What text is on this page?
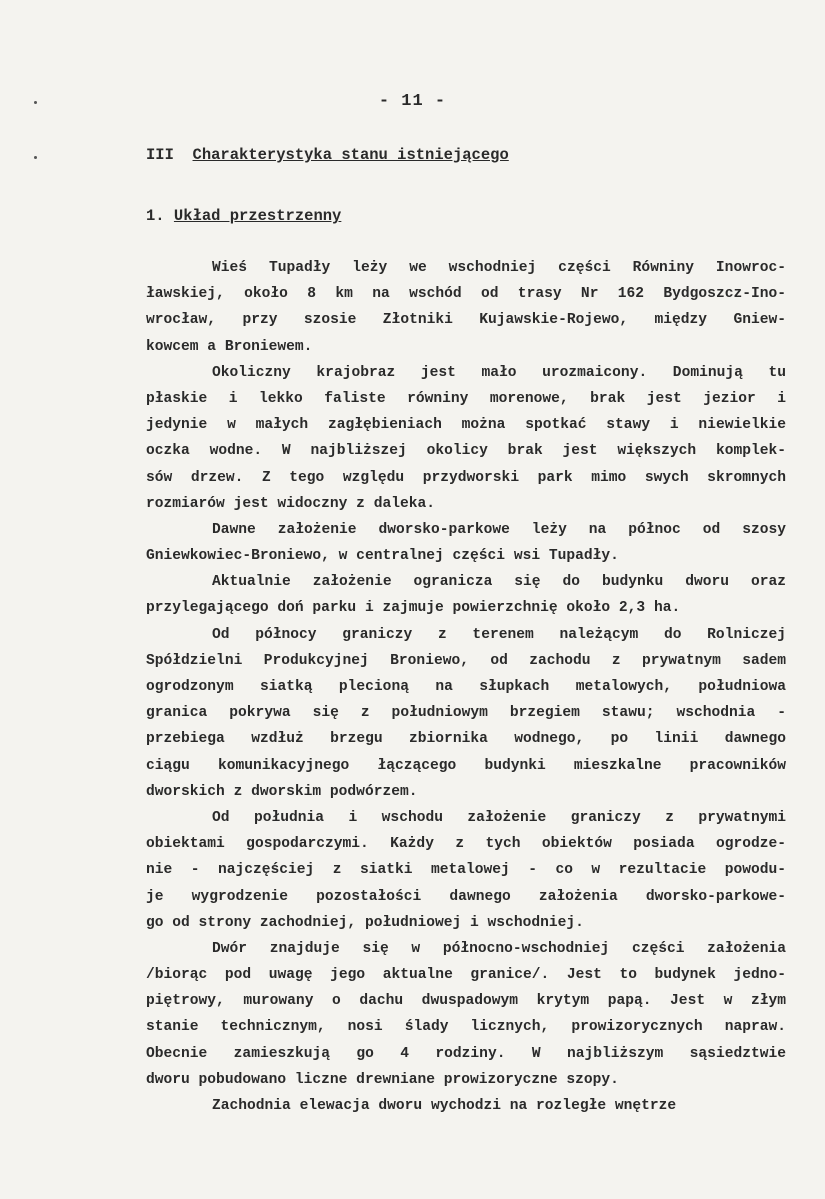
- 11 -
III Charakterystyka stanu istniejącego
1. Układ przestrzenny
Wieś Tupadły leży we wschodniej części Równiny Inowroc-
ławskiej, około 8 km na wschód od trasy Nr 162 Bydgoszcz-Ino-
wrocław, przy szosie Złotniki Kujawskie-Rojewo, między Gniew-
kowcem a Broniewem.
Okoliczny krajobraz jest mało urozmaicony. Dominują tu
płaskie i lekko faliste równiny morenowe, brak jest jezior i
jedynie w małych zagłębieniach można spotkać stawy i niewielkie
oczka wodne. W najbliższej okolicy brak jest większych komplek-
sów drzew. Z tego względu przydworski park mimo swych skromnych
rozmiarów jest widoczny z daleka.
Dawne założenie dworsko-parkowe leży na północ od szosy
Gniewkowiec-Broniewo, w centralnej części wsi Tupadły.
Aktualnie założenie ogranicza się do budynku dworu oraz
przylegającego doń parku i zajmuje powierzchnię około 2,3 ha.
Od północy graniczy z terenem należącym do Rolniczej
Spółdzielni Produkcyjnej Broniewo, od zachodu z prywatnym sadem
ogrodzonym siatką plecioną na słupkach metalowych, południowa
granica pokrywa się z południowym brzegiem stawu; wschodnia -
przebiega wzdłuż brzegu zbiornika wodnego, po linii dawnego
ciągu komunikacyjnego łączącego budynki mieszkalne pracowników
dworskich z dworskim podwórzem.
Od południa i wschodu założenie graniczy z prywatnymi
obiektami gospodarczymi. Każdy z tych obiektów posiada ogrodze-
nie - najczęściej z siatki metalowej - co w rezultacie powodu-
je wygrodzenie pozostałości dawnego założenia dworsko-parkowe-
go od strony zachodniej, południowej i wschodniej.
Dwór znajduje się w północno-wschodniej części założenia
/biorąc pod uwagę jego aktualne granice/. Jest to budynek jedno-
piętrowy, murowany o dachu dwuspadowym krytym papą. Jest w złym
stanie technicznym, nosi ślady licznych, prowizorycznych napraw.
Obecnie zamieszkują go 4 rodziny. W najbliższym sąsiedztwie
dworu pobudowano liczne drewniane prowizoryczne szopy.
Zachodnia elewacja dworu wychodzi na rozległe wnętrze
